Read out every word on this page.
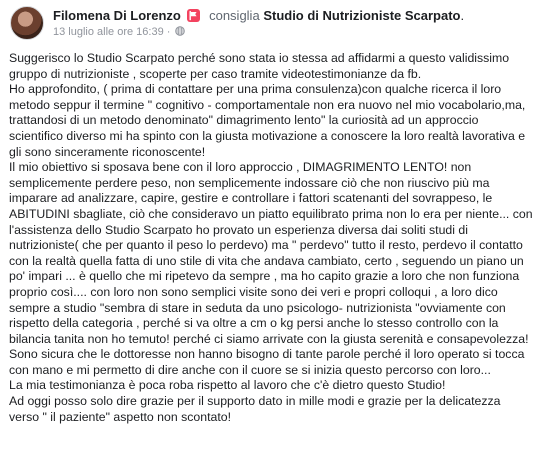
Filomena Di Lorenzo consiglia Studio di Nutrizioniste Scarpato.
13 luglio alle ore 16:39 ·

Suggerisco lo Studio Scarpato perché sono stata io stessa ad affidarmi a questo validissimo gruppo di nutrizioniste , scoperte per caso tramite videotestimonianze da fb.
Ho approfondito, ( prima di contattare per una prima consulenza)con qualche ricerca il loro metodo seppur il termine " cognitivo - comportamentale non era nuovo nel mio vocabolario,ma, trattandosi di un metodo denominato" dimagrimento lento" la curiosità ad un approccio scientifico diverso mi ha spinto con la giusta motivazione a conoscere la loro realtà lavorativa e gli sono sinceramente riconoscente!
Il mio obiettivo si sposava bene con il loro approccio , DIMAGRIMENTO LENTO! non semplicemente perdere peso, non semplicemente indossare ciò che non riuscivo più ma imparare ad analizzare, capire, gestire e controllare i fattori scatenanti del sovrappeso, le ABITUDINI sbagliate, ciò che consideravo un piatto equilibrato prima non lo era per niente... con l'assistenza dello Studio Scarpato ho provato un esperienza diversa dai soliti studi di nutrizioniste( che per quanto il peso lo perdevo) ma " perdevo" tutto il resto, perdevo il contatto con la realtà quella fatta di uno stile di vita che andava cambiato, certo , seguendo un piano un po' impari ... è quello che mi ripetevo da sempre , ma ho capito grazie a loro che non funziona proprio così.... con loro non sono semplici visite sono dei veri e propri colloqui , a loro dico sempre a studio "sembra di stare in seduta da uno psicologo- nutrizionista "ovviamente con rispetto della categoria , perché si va oltre a cm o kg persi anche lo stesso controllo con la bilancia tanita non ho temuto! perché ci siamo arrivate con la giusta serenità e consapevolezza!
Sono sicura che le dottoresse non hanno bisogno di tante parole perché il loro operato si tocca con mano e mi permetto di dire anche con il cuore se si inizia questo percorso con loro...
La mia testimonianza è poca roba rispetto al lavoro che c'è dietro questo Studio!
Ad oggi posso solo dire grazie per il supporto dato in mille modi e grazie per la delicatezza verso " il paziente" aspetto non scontato!
